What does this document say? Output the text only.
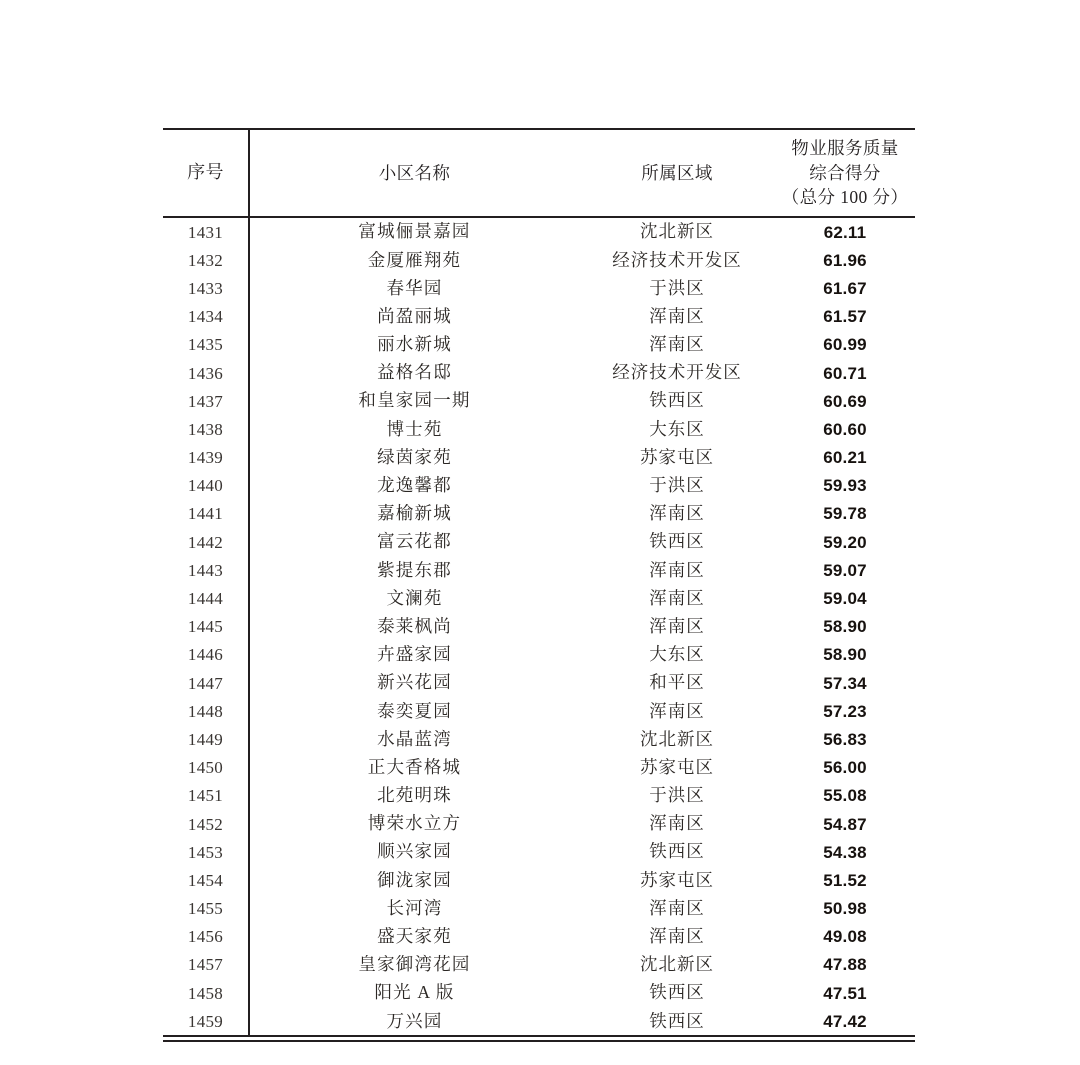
序号	小区名称	所属区域	物业服务质量
综合得分
（总分 100 分）

1431	富城俪景嘉园	沈北新区	62.11
1432	金厦雁翔苑	经济技术开发区	61.96
1433	春华园	于洪区	61.67
1434	尚盈丽城	浑南区	61.57
1435	丽水新城	浑南区	60.99
1436	益格名邸	经济技术开发区	60.71
1437	和皇家园一期	铁西区	60.69
1438	博士苑	大东区	60.60
1439	绿茵家苑	苏家屯区	60.21
1440	龙逸馨都	于洪区	59.93
1441	嘉榆新城	浑南区	59.78
1442	富云花都	铁西区	59.20
1443	紫提东郡	浑南区	59.07
1444	文澜苑	浑南区	59.04
1445	泰莱枫尚	浑南区	58.90
1446	卉盛家园	大东区	58.90
1447	新兴花园	和平区	57.34
1448	泰奕夏园	浑南区	57.23
1449	水晶蓝湾	沈北新区	56.83
1450	正大香格城	苏家屯区	56.00
1451	北苑明珠	于洪区	55.08
1452	博荣水立方	浑南区	54.87
1453	顺兴家园	铁西区	54.38
1454	御泷家园	苏家屯区	51.52
1455	长河湾	浑南区	50.98
1456	盛天家苑	浑南区	49.08
1457	皇家御湾花园	沈北新区	47.88
1458	阳光 A 版	铁西区	47.51
1459	万兴园	铁西区	47.42
